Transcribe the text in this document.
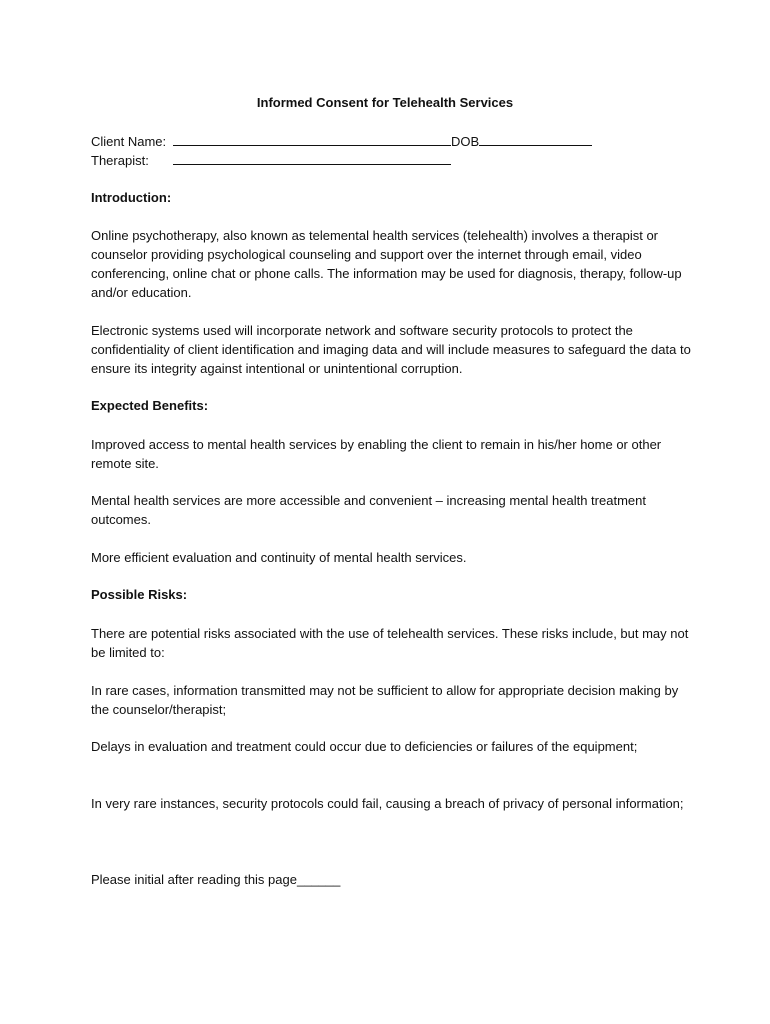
Informed Consent for Telehealth Services
Client Name:	DOB
Therapist:
Introduction:

Online psychotherapy, also known as telemental health services (telehealth) involves a therapist or counselor providing psychological counseling and support over the internet through email, video conferencing, online chat or phone calls. The information may be used for diagnosis, therapy, follow-up and/or education.

Electronic systems used will incorporate network and software security protocols to protect the confidentiality of client identification and imaging data and will include measures to safeguard the data to ensure its integrity against intentional or unintentional corruption.

Expected Benefits:

Improved access to mental health services by enabling the client to remain in his/her home or other remote site.

Mental health services are more accessible and convenient – increasing mental health treatment outcomes.

More efficient evaluation and continuity of mental health services.

Possible Risks:

There are potential risks associated with the use of telehealth services. These risks include, but may not be limited to:

In rare cases, information transmitted may not be sufficient to allow for appropriate decision making by the counselor/therapist;

Delays in evaluation and treatment could occur due to deficiencies or failures of the equipment;

In very rare instances, security protocols could fail, causing a breach of privacy of personal information;

Please initial after reading this page______
